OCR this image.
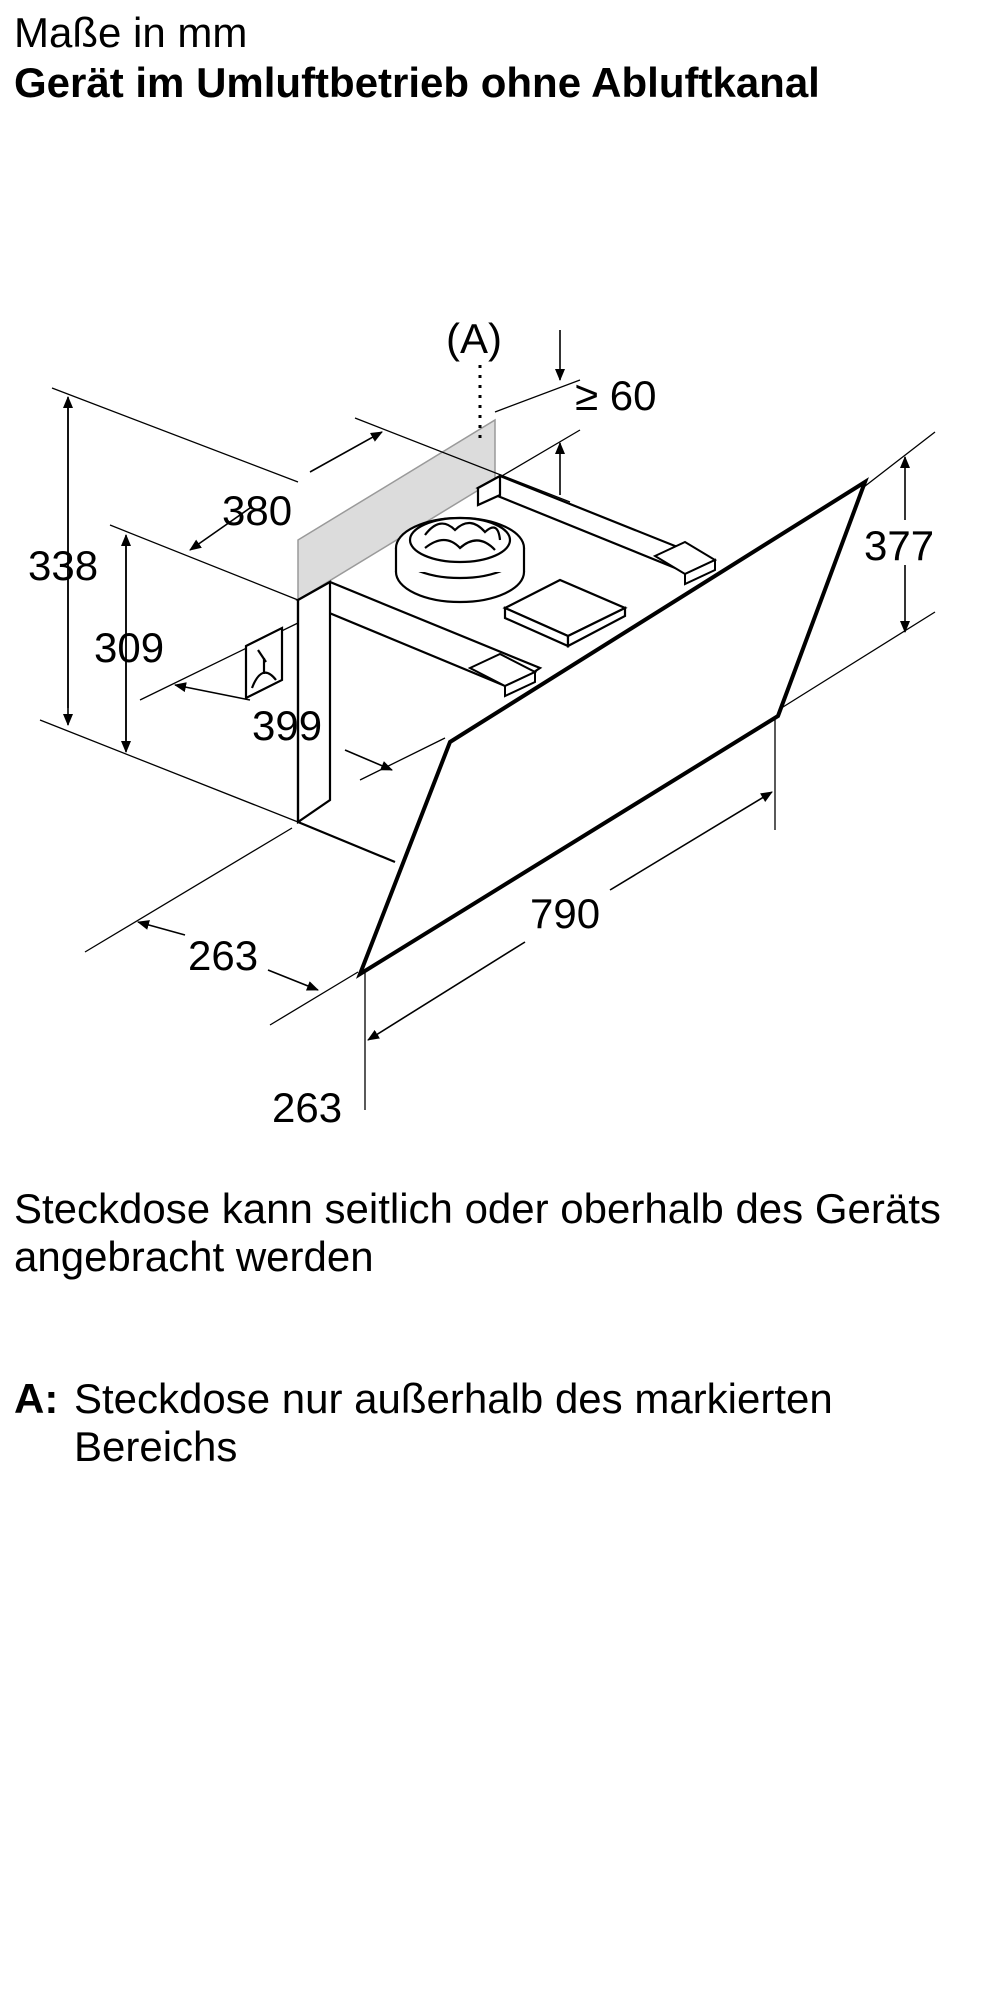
Maße in mm
Gerät im Umluftbetrieb ohne Abluftkanal
(A)
≥ 60
380
338
309
399
377
263
790
263
Steckdose kann seitlich oder oberhalb des Geräts angebracht werden
A: Steckdose nur außerhalb des markierten Bereichs
